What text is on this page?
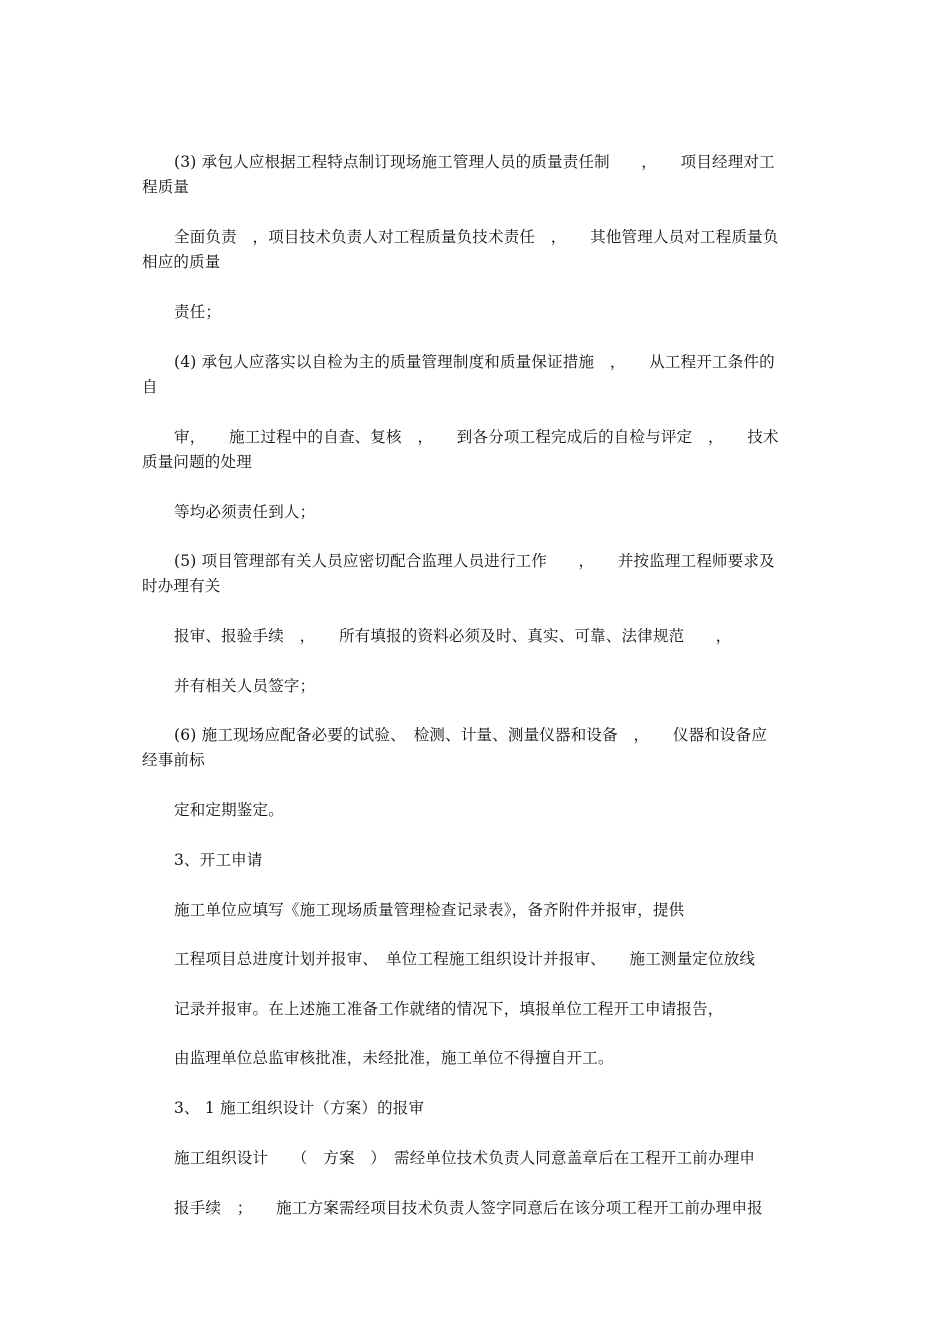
(3) 承包人应根据工程特点制订现场施工管理人员的质量责任制　　，　　项目经理对工
程质量
全面负责　，项目技术负责人对工程质量负技术责任　，　　其他管理人员对工程质量负
相应的质量
责任；
(4) 承包人应落实以自检为主的质量管理制度和质量保证措施　，　　从工程开工条件的
自
审，　　施工过程中的自查、复核　，　　到各分项工程完成后的自检与评定　，　　技术
质量问题的处理
等均必须责任到人；
(5) 项目管理部有关人员应密切配合监理人员进行工作　　，　　并按监理工程师要求及
时办理有关
报审、报验手续　，　　所有填报的资料必须及时、真实、可靠、法律规范　　，
并有相关人员签字；
(6) 施工现场应配备必要的试验、　检测、计量、测量仪器和设备　，　　仪器和设备应
经事前标
定和定期鉴定。
3、开工申请
施工单位应填写《施工现场质量管理检查记录表》，备齐附件并报审，提供
工程项目总进度计划并报审、　单位工程施工组织设计并报审、　　施工测量定位放线
记录并报审。在上述施工准备工作就绪的情况下，填报单位工程开工申请报告，
由监理单位总监审核批准，未经批准，施工单位不得擅自开工。
3、 1 施工组织设计（方案）的报审
施工组织设计　　（　方案　）　需经单位技术负责人同意盖章后在工程开工前办理申
报手续　；　　施工方案需经项目技术负责人签字同意后在该分项工程开工前办理申报
